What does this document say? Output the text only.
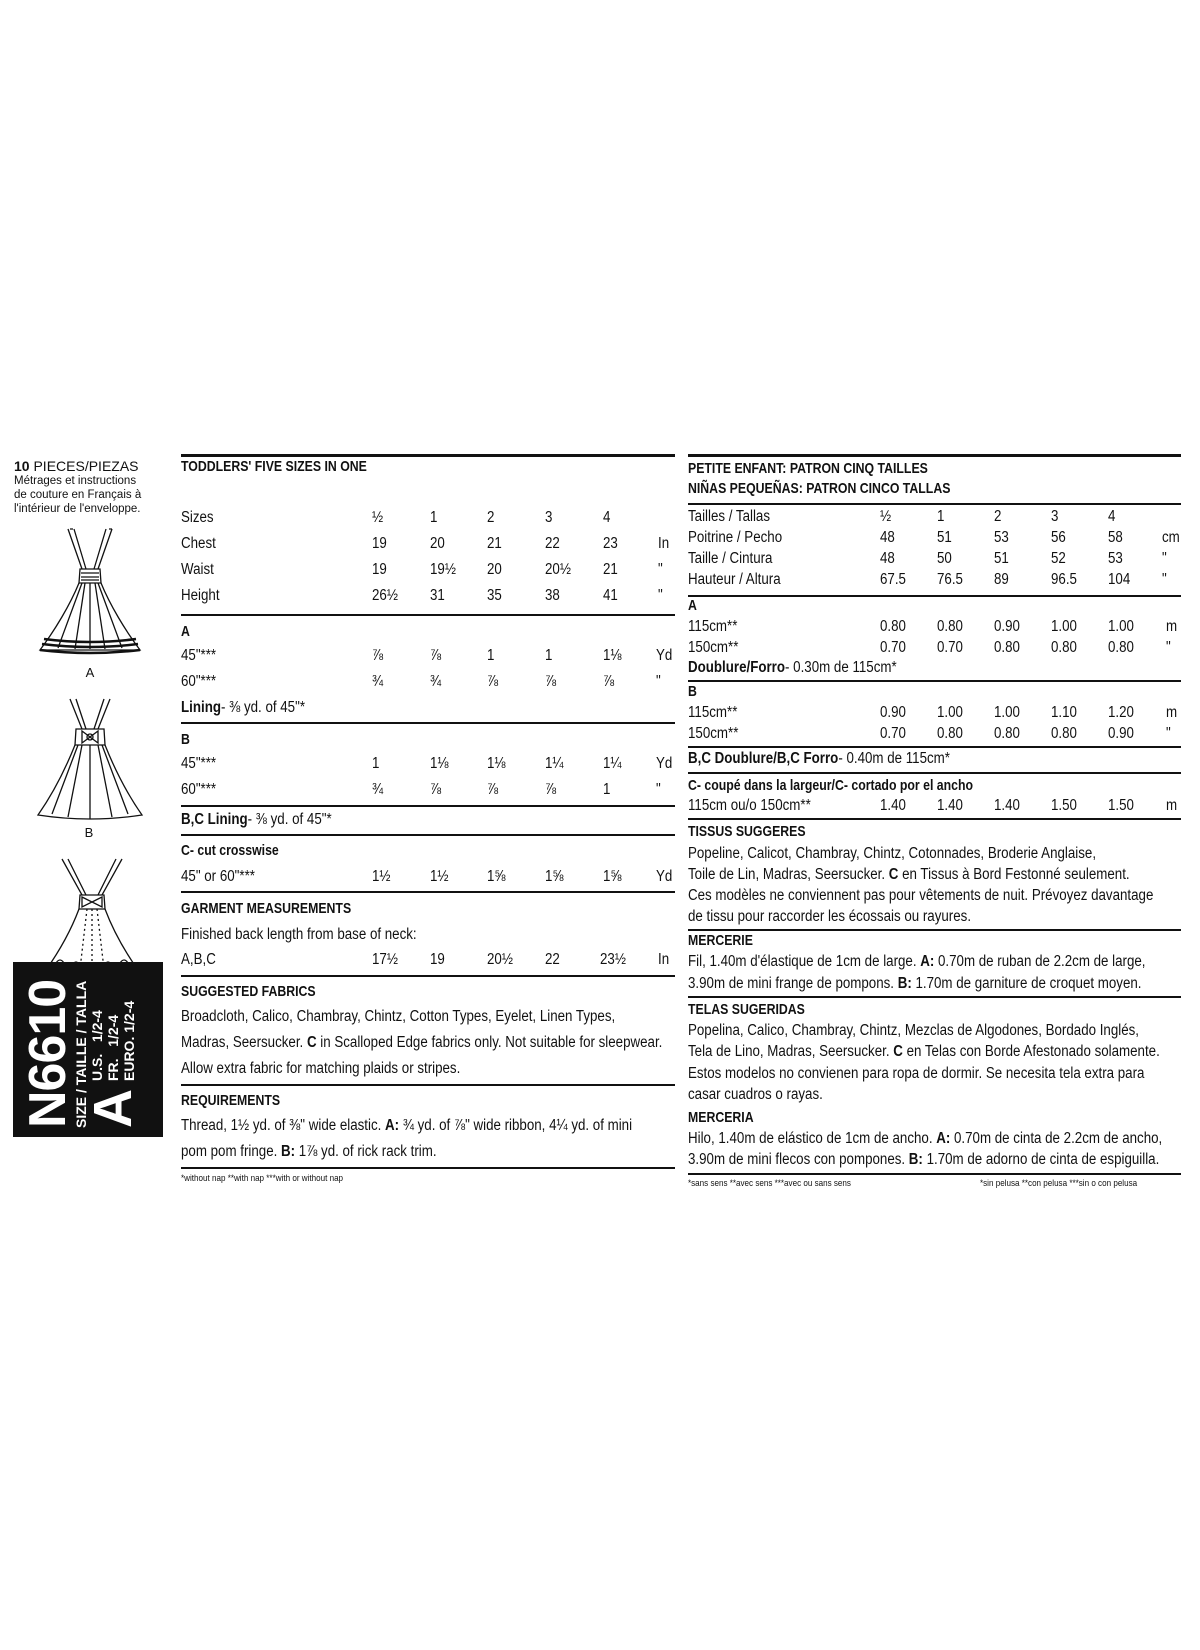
10 PIECES/PIEZAS
Métrages et instructions
de couture en Français à
l'intérieur de l'enveloppe.
A
B
N6610
SIZE / TAILLE / TALLA
A
U.S.   1/2-4
FR.   1/2-4 EURO. 1/2-4
TODDLERS' FIVE SIZES IN ONE
Sizes	½	1	2	3	4
Chest	19	20	21	22	23	In
Waist	19	19½ 20	20½ 21	"
Height	26½ 31	35	38	41	"
A
45"***	⅞	⅞	1	1	1⅛ Yd
60"***	¾	¾	⅞	⅞	⅞	"
Lining- ⅜ yd. of 45"*
B
45"***	1	1⅛ 1⅛	1¼	1¼ Yd
60"***	¾	⅞	⅞	⅞	1	"
B,C Lining- ⅜ yd. of 45"*
C- cut crosswise
45" or 60"***	1½	1½ 1⅝	1⅝	1⅝ Yd
GARMENT MEASUREMENTS
Finished back length from base of neck:
A,B,C	17½ 19	20½ 22	23½ In
SUGGESTED FABRICS
Broadcloth, Calico, Chambray, Chintz, Cotton Types, Eyelet, Linen Types,
Madras, Seersucker. C in Scalloped Edge fabrics only. Not suitable for sleepwear.
Allow extra fabric for matching plaids or stripes.
REQUIREMENTS
Thread, 1½ yd. of ⅜" wide elastic. A: ¾ yd. of ⅞" wide ribbon, 4¼ yd. of mini
pom pom fringe. B: 1⅞ yd. of rick rack trim.
*without nap **with nap ***with or without nap
PETITE ENFANT: PATRON CINQ TAILLES
NIÑAS PEQUEÑAS: PATRON CINCO TALLAS
Tailles / Tallas	½	1	2	3	4
Poitrine / Pecho	48	51	53	56	58	cm
Taille / Cintura	48	50	51	52	53	"
Hauteur / Altura	67.5 76.5 89	96.5 104 "
A
115cm**	0.80 0.80 0.90 1.00 1.00 m
150cm**	0.70 0.70 0.80 0.80 0.80 "
Doublure/Forro- 0.30m de 115cm*
B
115cm**	0.90 1.00 1.00 1.10 1.20 m
150cm**	0.70 0.80 0.80 0.80 0.90 "
B,C Doublure/B,C Forro- 0.40m de 115cm*
C- coupé dans la largeur/C- cortado por el ancho
115cm ou/o 150cm**	1.40 1.40 1.40 1.50 1.50 m
TISSUS SUGGERES
Popeline, Calicot, Chambray, Chintz, Cotonnades, Broderie Anglaise,
Toile de Lin, Madras, Seersucker. C en Tissus à Bord Festonné seulement.
Ces modèles ne conviennent pas pour vêtements de nuit. Prévoyez davantage
de tissu pour raccorder les écossais ou rayures.
MERCERIE
Fil, 1.40m d'élastique de 1cm de large. A: 0.70m de ruban de 2.2cm de large,
3.90m de mini frange de pompons. B: 1.70m de garniture de croquet moyen.
TELAS SUGERIDAS
Popelina, Calico, Chambray, Chintz, Mezclas de Algodones, Bordado Inglés,
Tela de Lino, Madras, Seersucker. C en Telas con Borde Afestonado solamente.
Estos modelos no convienen para ropa de dormir. Se necesita tela extra para
casar cuadros o rayas.
MERCERIA
Hilo, 1.40m de elástico de 1cm de ancho. A: 0.70m de cinta de 2.2cm de ancho,
3.90m de mini flecos con pompones. B: 1.70m de adorno de cinta de espiguilla.
*sans sens **avec sens ***avec ou sans sens	*sin pelusa **con pelusa ***sin o con pelusa
